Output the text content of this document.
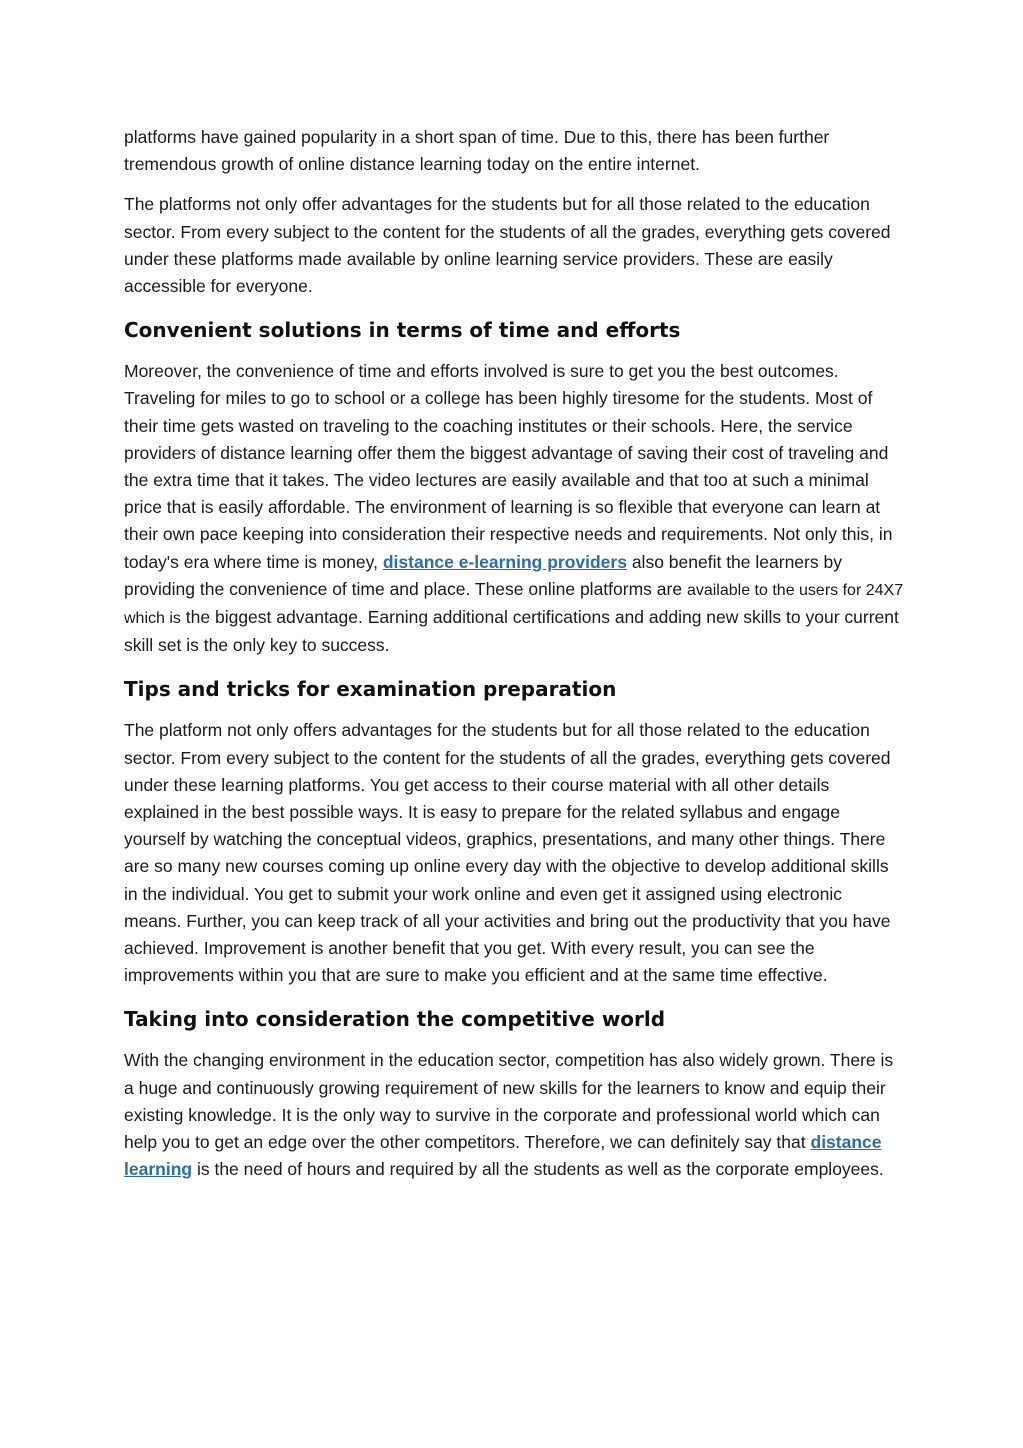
platforms have gained popularity in a short span of time. Due to this, there has been further tremendous growth of online distance learning today on the entire internet.

The platforms not only offer advantages for the students but for all those related to the education sector. From every subject to the content for the students of all the grades, everything gets covered under these platforms made available by online learning service providers. These are easily accessible for everyone.

Convenient solutions in terms of time and efforts

Moreover, the convenience of time and efforts involved is sure to get you the best outcomes. Traveling for miles to go to school or a college has been highly tiresome for the students. Most of their time gets wasted on traveling to the coaching institutes or their schools. Here, the service providers of distance learning offer them the biggest advantage of saving their cost of traveling and the extra time that it takes. The video lectures are easily available and that too at such a minimal price that is easily affordable. The environment of learning is so flexible that everyone can learn at their own pace keeping into consideration their respective needs and requirements. Not only this, in today's era where time is money, distance e-learning providers also benefit the learners by providing the convenience of time and place. These online platforms are available to the users for 24X7 which is the biggest advantage. Earning additional certifications and adding new skills to your current skill set is the only key to success.

Tips and tricks for examination preparation

The platform not only offers advantages for the students but for all those related to the education sector. From every subject to the content for the students of all the grades, everything gets covered under these learning platforms. You get access to their course material with all other details explained in the best possible ways. It is easy to prepare for the related syllabus and engage yourself by watching the conceptual videos, graphics, presentations, and many other things. There are so many new courses coming up online every day with the objective to develop additional skills in the individual. You get to submit your work online and even get it assigned using electronic means. Further, you can keep track of all your activities and bring out the productivity that you have achieved. Improvement is another benefit that you get. With every result, you can see the improvements within you that are sure to make you efficient and at the same time effective.

Taking into consideration the competitive world

With the changing environment in the education sector, competition has also widely grown. There is a huge and continuously growing requirement of new skills for the learners to know and equip their existing knowledge. It is the only way to survive in the corporate and professional world which can help you to get an edge over the other competitors. Therefore, we can definitely say that distance learning is the need of hours and required by all the students as well as the corporate employees.
